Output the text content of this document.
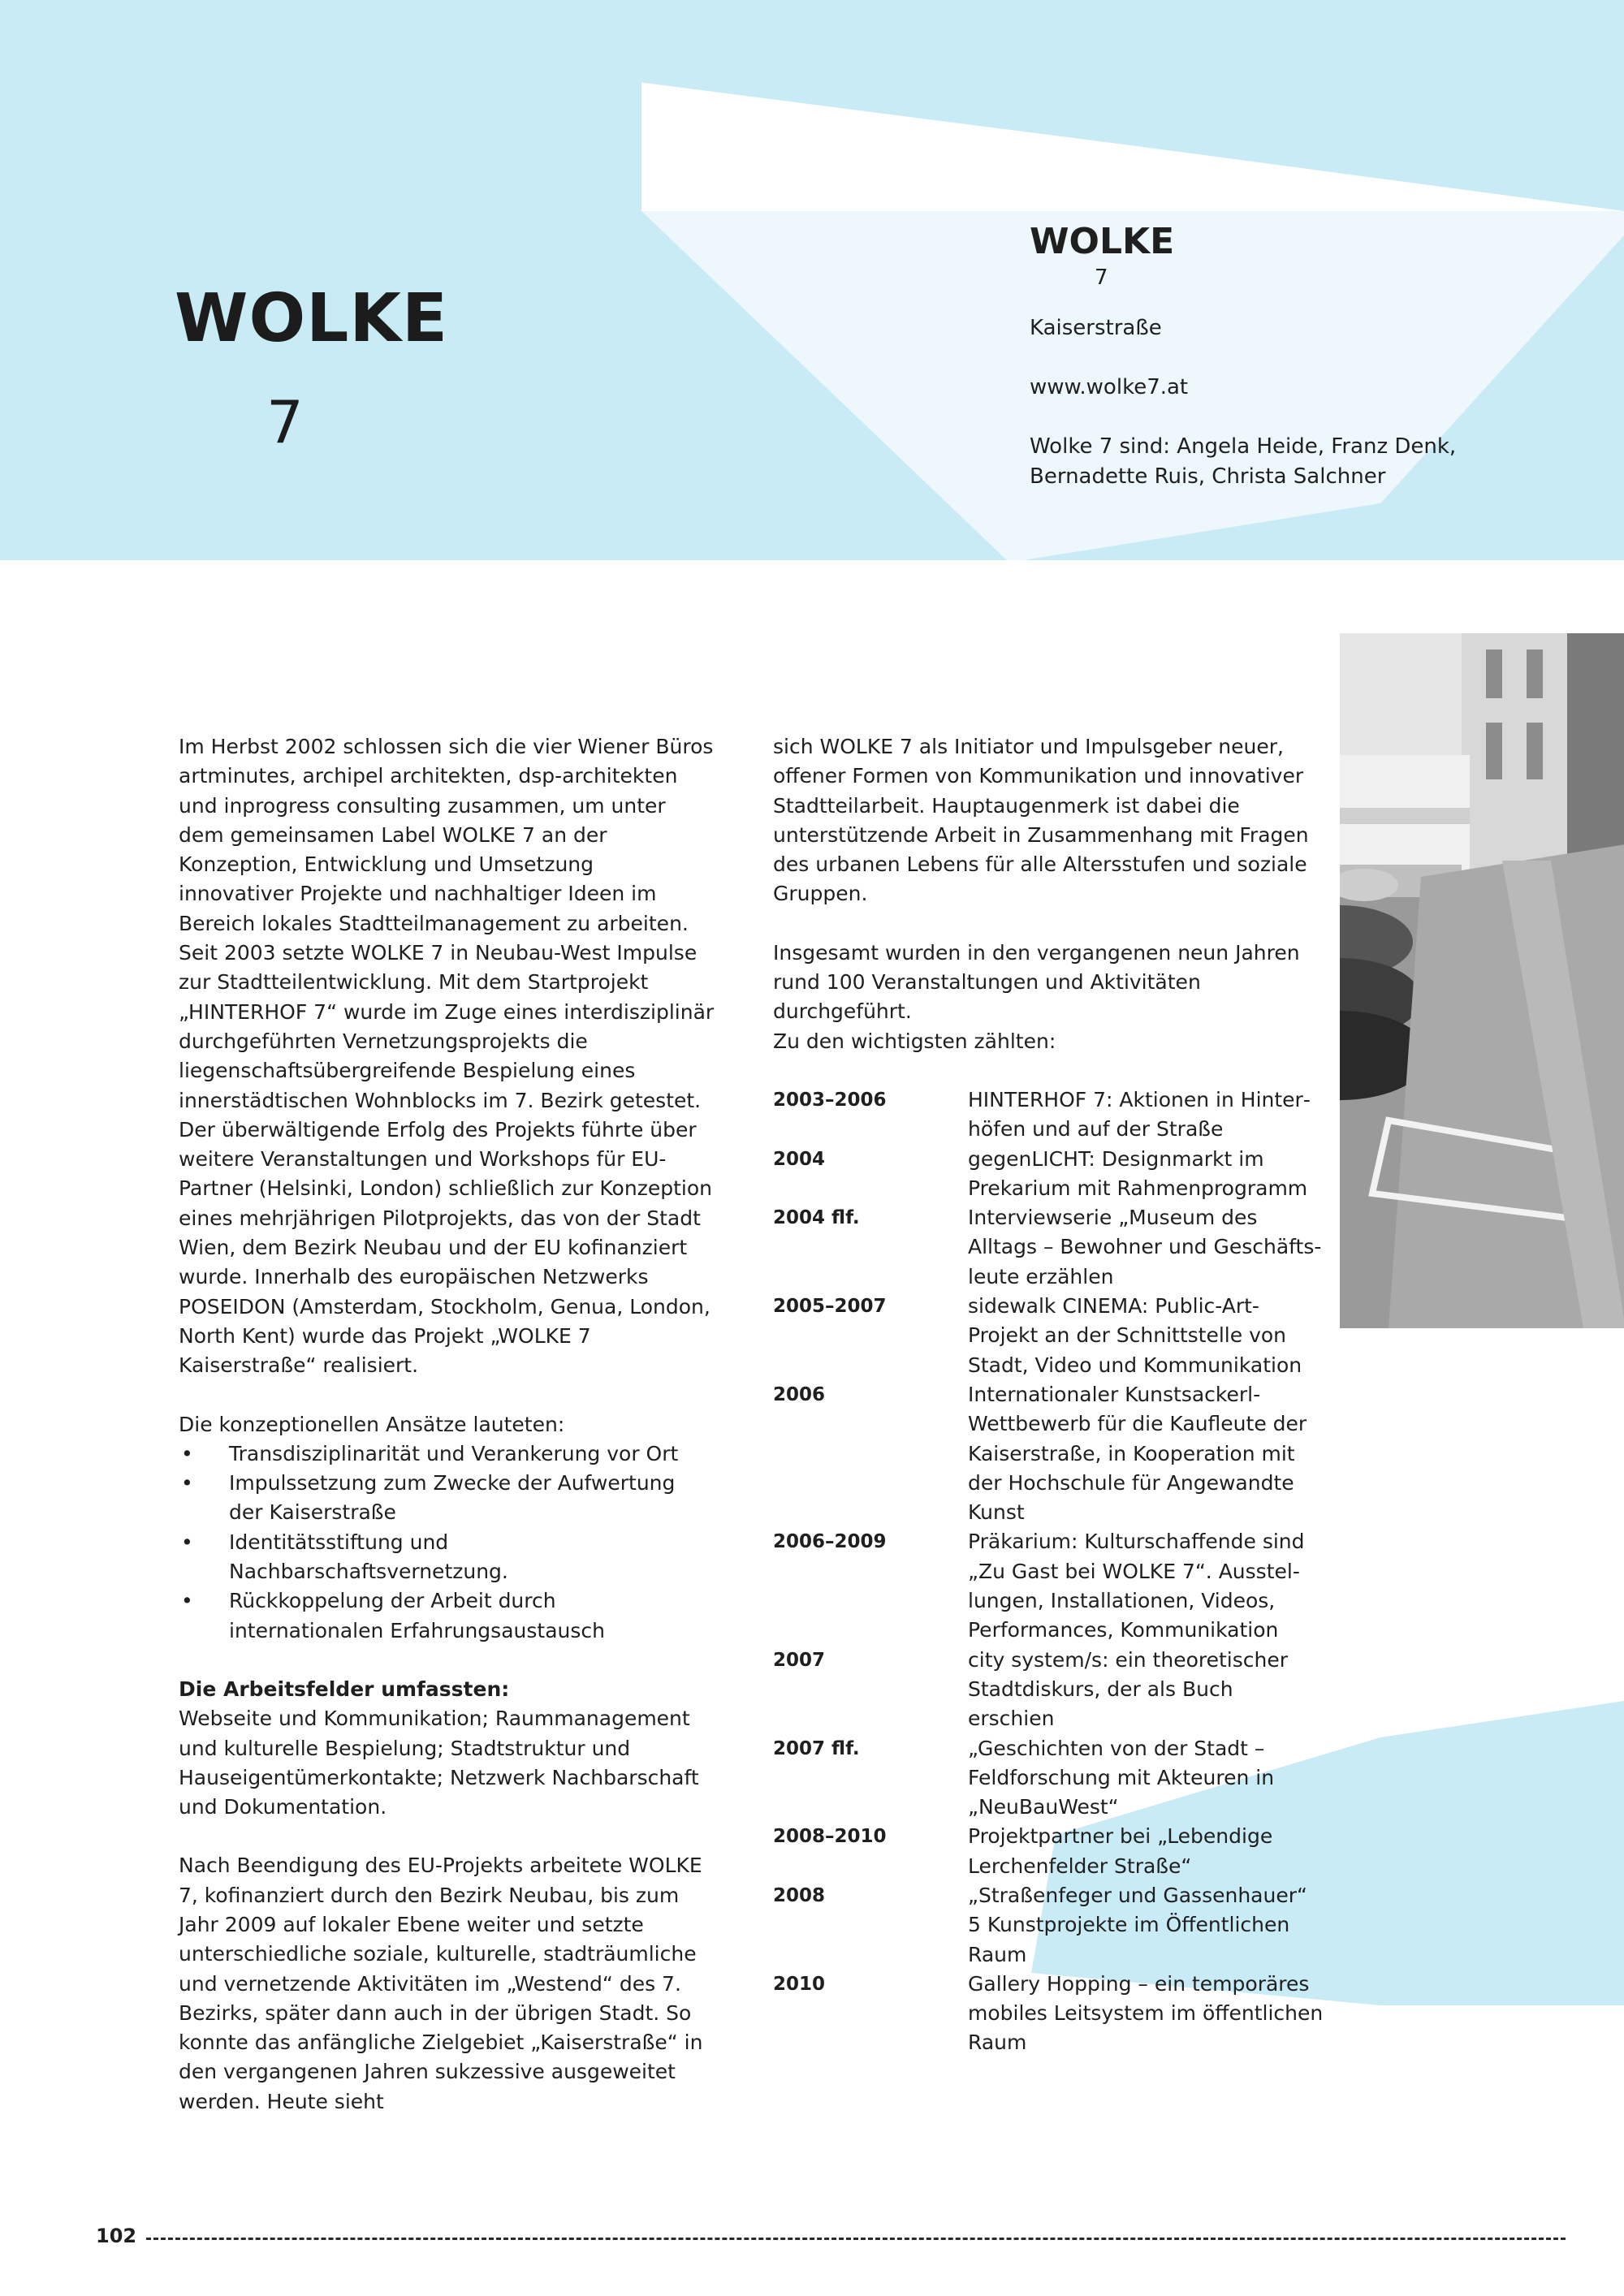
WOLKE
7
WOLKE
7

Kaiserstraße

www.wolke7.at

Wolke 7 sind: Angela Heide, Franz Denk,
Bernadette Ruis, Christa Salchner

Im Herbst 2002 schlossen sich die vier Wiener Büros artminutes, archipel architekten, dsp-architekten und inprogress consulting zusammen, um unter dem gemeinsamen Label WOLKE 7 an der Konzeption, Entwicklung und Umsetzung innovativer Projekte und nachhaltiger Ideen im Bereich lokales Stadtteilmanagement zu arbeiten. Seit 2003 setzte WOLKE 7 in Neubau-West Impulse zur Stadtteilentwicklung. Mit dem Startprojekt „HINTERHOF 7“ wurde im Zuge eines interdisziplinär durchgeführten Vernetzungsprojekts die liegenschaftsübergreifende Bespielung eines innerstädtischen Wohnblocks im 7. Bezirk getestet. Der überwältigende Erfolg des Projekts führte über weitere Veranstaltungen und Workshops für EU-Partner (Helsinki, London) schließlich zur Konzeption eines mehrjährigen Pilotprojekts, das von der Stadt Wien, dem Bezirk Neubau und der EU kofinanziert wurde. Innerhalb des europäischen Netzwerks POSEIDON (Amsterdam, Stockholm, Genua, London, North Kent) wurde das Projekt „WOLKE 7 Kaiserstraße“ realisiert.

Die konzeptionellen Ansätze lauteten:
• Transdisziplinarität und Verankerung vor Ort
• Impulssetzung zum Zwecke der Aufwertung der Kaiserstraße
• Identitätsstiftung und Nachbarschaftsvernetzung.
• Rückkoppelung der Arbeit durch internationalen Erfahrungsaustausch
Die Arbeitsfelder umfassten:

Webseite und Kommunikation; Raummanagement und kulturelle Bespielung; Stadtstruktur und Hauseigentümerkontakte; Netzwerk Nachbarschaft und Dokumentation.

Nach Beendigung des EU-Projekts arbeitete WOLKE 7, kofinanziert durch den Bezirk Neubau, bis zum Jahr 2009 auf lokaler Ebene weiter und setzte unterschiedliche soziale, kulturelle, stadträumliche und vernetzende Aktivitäten im „Westend“ des 7. Bezirks, später dann auch in der übrigen Stadt. So konnte das anfängliche Zielgebiet „Kaiserstraße“ in den vergangenen Jahren sukzessive ausgeweitet werden. Heute sieht

sich WOLKE 7 als Initiator und Impulsgeber neuer, offener Formen von Kommunikation und innovativer Stadtteilarbeit. Hauptaugenmerk ist dabei die unterstützende Arbeit in Zusammenhang mit Fragen des urbanen Lebens für alle Altersstufen und soziale Gruppen.

Insgesamt wurden in den vergangenen neun Jahren rund 100 Veranstaltungen und Aktivitäten durchgeführt.
Zu den wichtigsten zählten:
2003–2006	HINTERHOF 7: Aktionen in Hinterhöfen und auf der Straße
2004	gegenLICHT: Designmarkt im Prekarium mit Rahmenprogramm
2004 flf.	Interviewserie „Museum des Alltags – Bewohner und Geschäftsleute erzählen
2005–2007	sidewalk CINEMA: Public-Art-Projekt an der Schnittstelle von Stadt, Video und Kommunikation
2006	Internationaler Kunstsackerl-Wettbewerb für die Kaufleute der Kaiserstraße, in Kooperation mit der Hochschule für Angewandte Kunst
2006–2009	Präkarium: Kulturschaffende sind „Zu Gast bei WOLKE 7“. Ausstellungen, Installationen, Videos, Performances, Kommunikation
2007	city system/s: ein theoretischer Stadtdiskurs, der als Buch erschien
2007 flf.	„Geschichten von der Stadt – Feldforschung mit Akteuren in „NeuBauWest“
2008–2010	Projektpartner bei „Lebendige Lerchenfelder Straße“
2008	„Straßenfeger und Gassenhauer“ 5 Kunstprojekte im Öffentlichen Raum
2010	Gallery Hopping – ein temporäres mobiles Leitsystem im öffentlichen Raum
102
